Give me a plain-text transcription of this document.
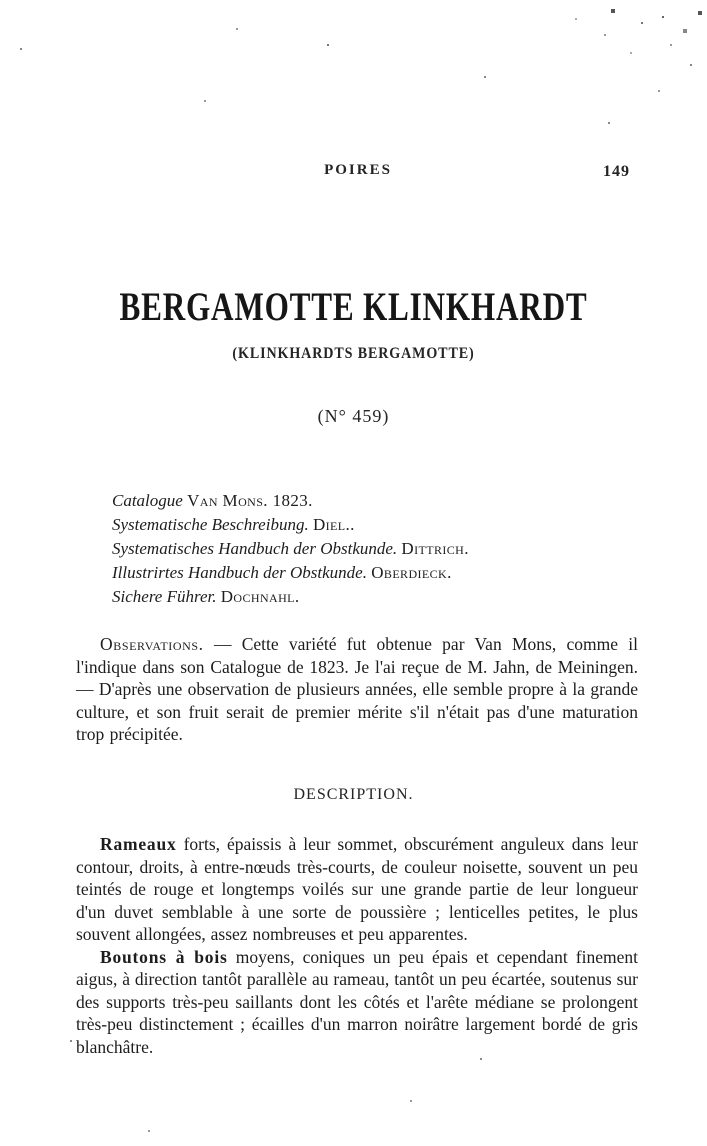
POIRES	149
BERGAMOTTE KLINKHARDT
(KLINKHARDTS BERGAMOTTE)
(N° 459)
Catalogue Van Mons. 1823.
Systematische Beschreibung. Diel..
Systematisches Handbuch der Obstkunde. Dittrich.
Illustrirtes Handbuch der Obstkunde. Oberdieck.
Sichere Führer. Dochnahl.

Observations. — Cette variété fut obtenue par Van Mons, comme il l'indique dans son Catalogue de 1823. Je l'ai reçue de M. Jahn, de Meiningen. — D'après une observation de plusieurs années, elle semble propre à la grande culture, et son fruit serait de premier mérite s'il n'était pas d'une maturation trop précipitée.

DESCRIPTION.

Rameaux forts, épaissis à leur sommet, obscurément anguleux dans leur contour, droits, à entre-nœuds très-courts, de couleur noisette, souvent un peu teintés de rouge et longtemps voilés sur une grande partie de leur longueur d'un duvet semblable à une sorte de poussière ; lenticelles petites, le plus souvent allongées, assez nombreuses et peu apparentes.

Boutons à bois moyens, coniques un peu épais et cependant finement aigus, à direction tantôt parallèle au rameau, tantôt un peu écartée, soutenus sur des supports très-peu saillants dont les côtés et l'arête médiane se prolongent très-peu distinctement ; écailles d'un marron noirâtre largement bordé de gris blanchâtre.
